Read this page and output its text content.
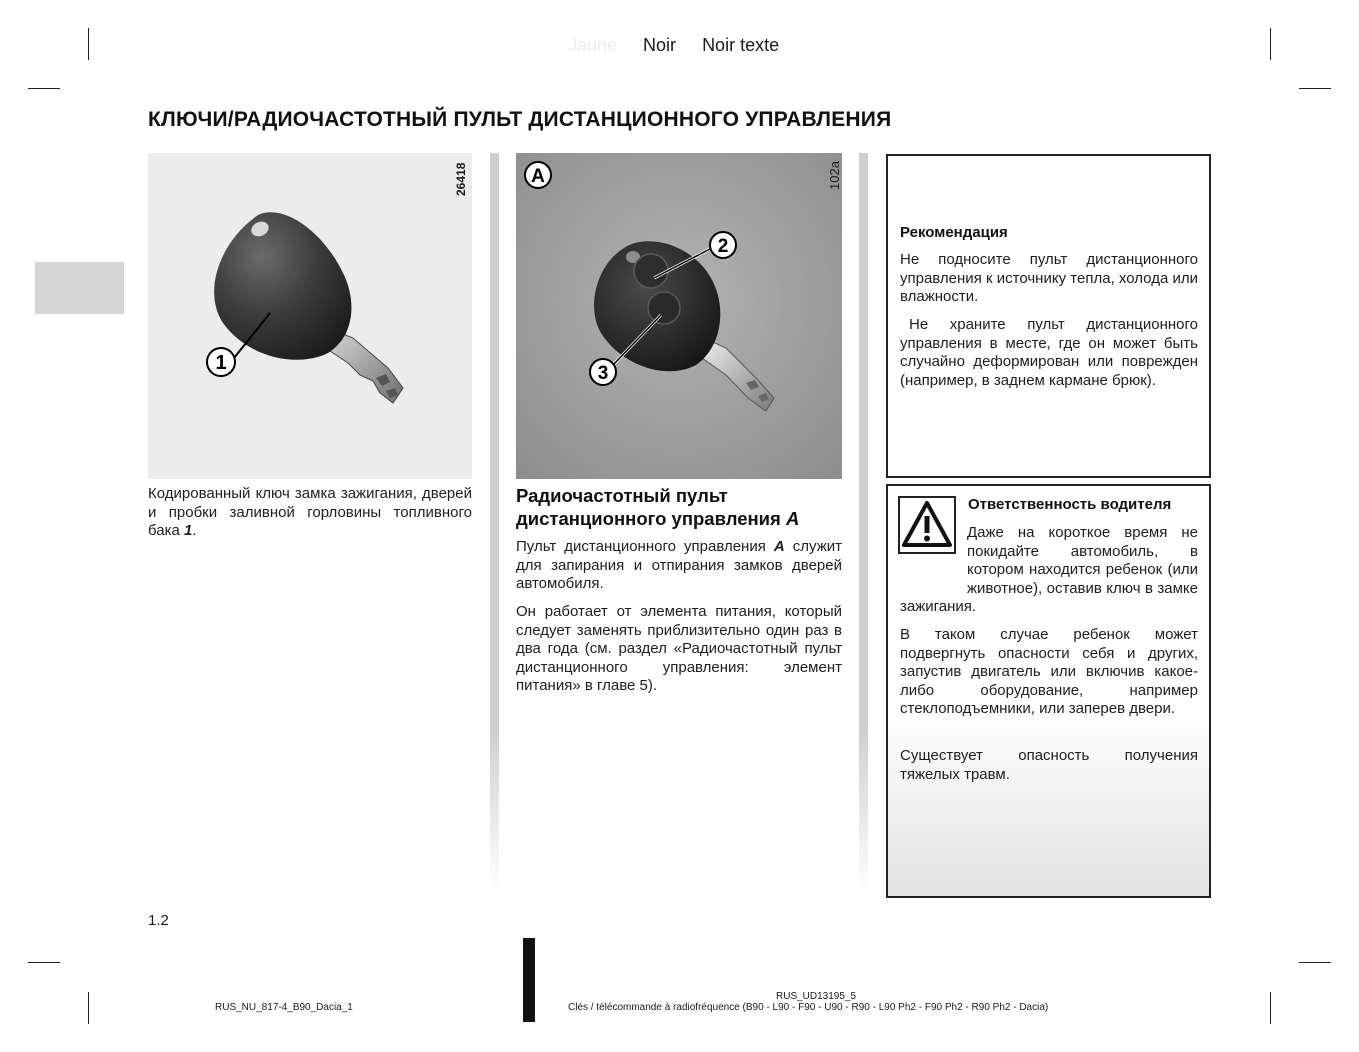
Jaune Noir Noir texte
КЛЮЧИ/РАДИОЧАСТОТНЫЙ ПУЛЬТ ДИСТАНЦИОННОГО УПРАВЛЕНИЯ
1
26418
Кодированный ключ замка зажигания, дверей и пробки заливной горловины топливного бака 1.
A
2
3
102a
Радиочастотный пульт
дистанционного управления A
Пульт дистанционного управления A служит для запирания и отпирания замков дверей автомобиля.
Он работает от элемента питания, который следует заменять приблизительно один раз в два года (см. раздел «Радиочастотный пульт дистанционного управления: элемент питания» в главе 5).
Рекомендация
Не подносите пульт дистанционного управления к источнику тепла, холода или влажности.
Не храните пульт дистанционного управления в месте, где он может быть случайно деформирован или поврежден (например, в заднем кармане брюк).
Ответственность водителя
Даже на короткое время не покидайте автомобиль, в котором находится ребенок (или животное), оставив ключ в замке зажигания.
В таком случае ребенок может подвергнуть опасности себя и других, запустив двигатель или включив какое-либо оборудование, например стеклоподъемники, или заперев двери.
Существует опасность получения тяжелых травм.
1.2
RUS_NU_817-4_B90_Dacia_1
RUS_UD13195_5
Clés / télécommande à radiofréquence (B90 - L90 - F90 - U90 - R90 - L90 Ph2 - F90 Ph2 - R90 Ph2 - Dacia)
